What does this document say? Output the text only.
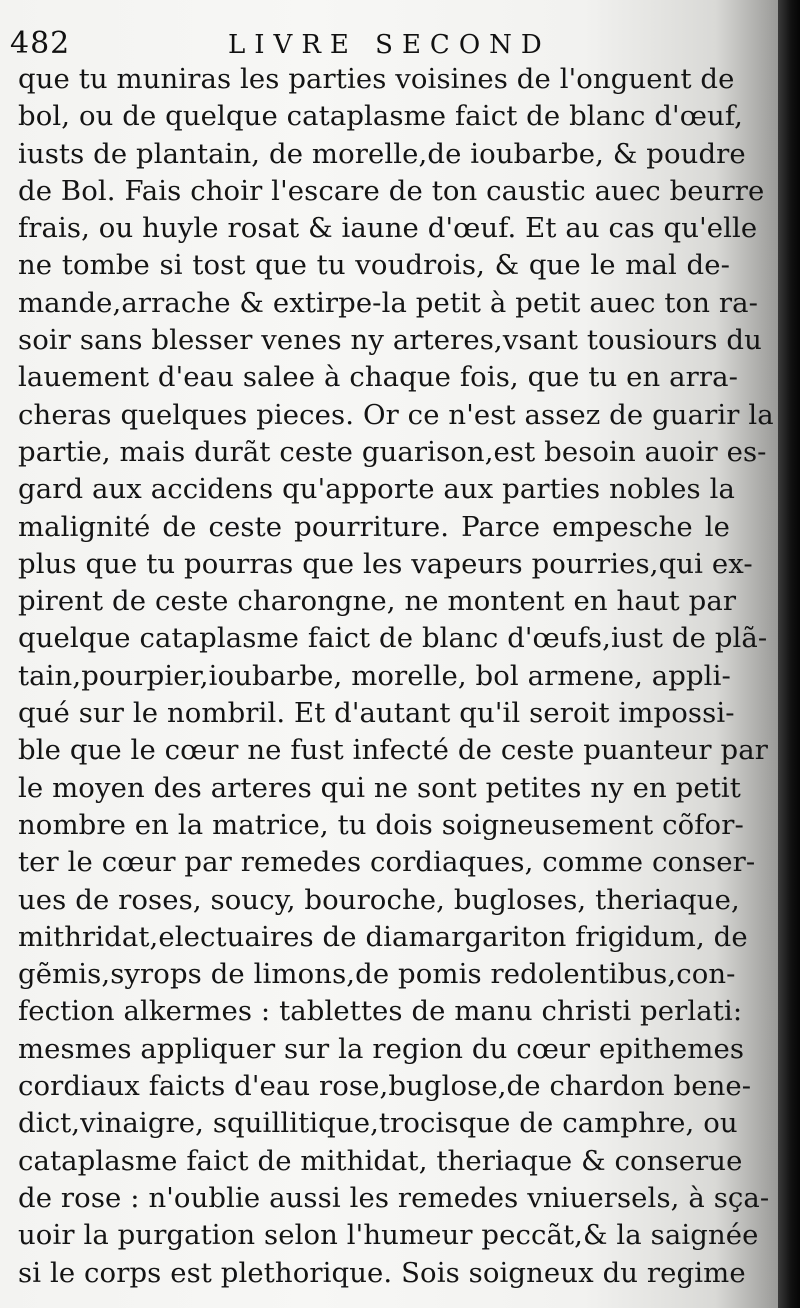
482	LIVRE SECOND
que tu muniras les parties voisines de l'onguent de
bol, ou de quelque cataplasme faict de blanc d'œuf,
iusts de plantain, de morelle,de ioubarbe, & poudre
de Bol. Fais choir l'escare de ton caustic auec beurre
frais, ou huyle rosat & iaune d'œuf. Et au cas qu'elle
ne tombe si tost que tu voudrois, & que le mal de-
mande,arrache & extirpe-la petit à petit auec ton ra-
soir sans blesser venes ny arteres,vsant tousiours du
lauement d'eau salee à chaque fois, que tu en arra-
cheras quelques pieces. Or ce n'est assez de guarir la
partie, mais durãt ceste guarison,est besoin auoir es-
gard aux accidens qu'apporte aux parties nobles la
malignité de ceste pourriture. Parce empesche le
plus que tu pourras que les vapeurs pourries,qui ex-
pirent de ceste charongne, ne montent en haut par
quelque cataplasme faict de blanc d'œufs,iust de plã-
tain,pourpier,ioubarbe, morelle, bol armene, appli-
qué sur le nombril. Et d'autant qu'il seroit impossi-
ble que le cœur ne fust infecté de ceste puanteur par
le moyen des arteres qui ne sont petites ny en petit
nombre en la matrice, tu dois soigneusement cõfor-
ter le cœur par remedes cordiaques, comme conser-
ues de roses, soucy, bouroche, bugloses, theriaque,
mithridat,electuaires de diamargariton frigidum, de
gẽmis,syrops de limons,de pomis redolentibus,con-
fection alkermes : tablettes de manu christi perlati:
mesmes appliquer sur la region du cœur epithemes
cordiaux faicts d'eau rose,buglose,de chardon bene-
dict,vinaigre, squillitique,trocisque de camphre, ou
cataplasme faict de mithidat, theriaque & conserue
de rose : n'oublie aussi les remedes vniuersels, à sça-
uoir la purgation selon l'humeur peccãt,& la saignée
si le corps est plethorique. Sois soigneux du regime
